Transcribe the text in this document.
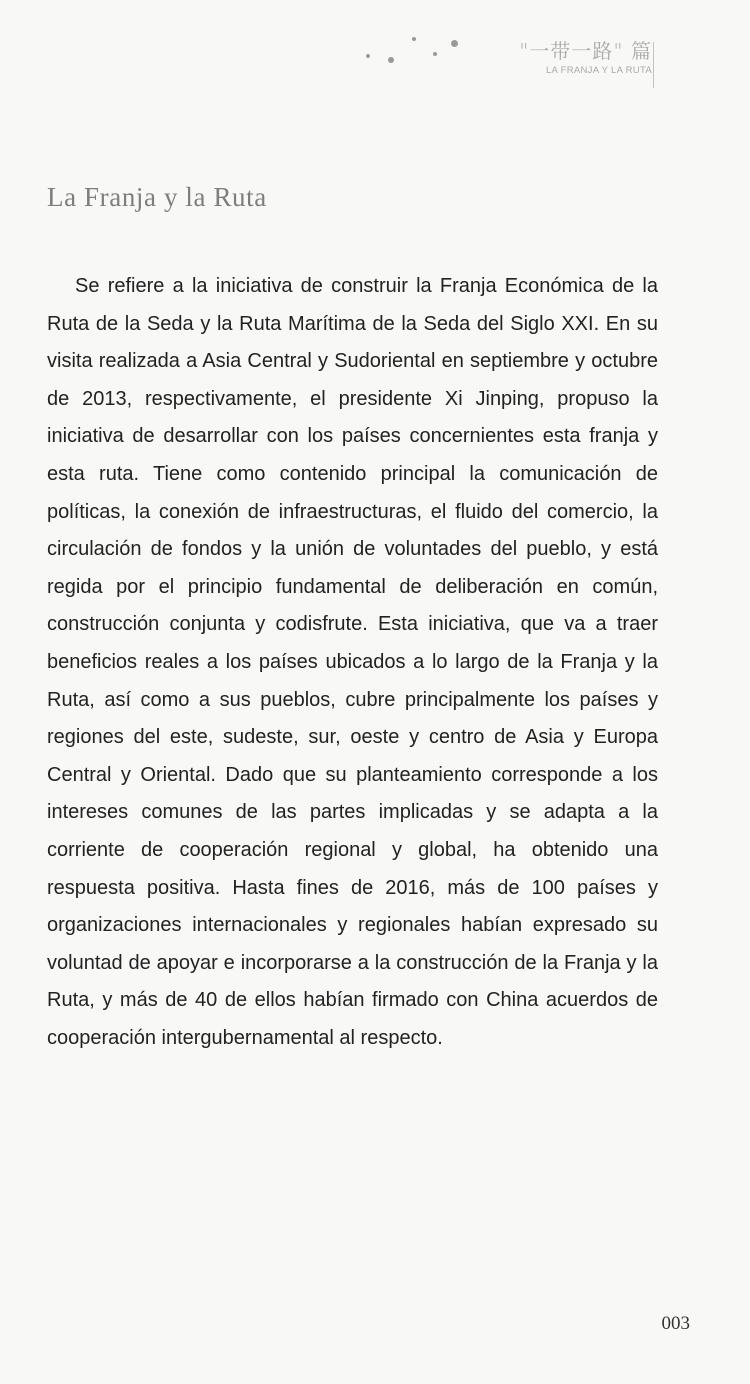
"一带一路" 篇
LA FRANJA Y LA RUTA
La Franja y la Ruta

Se refiere a la iniciativa de construir la Franja Económica de la Ruta de la Seda y la Ruta Marítima de la Seda del Siglo XXI. En su visita realizada a Asia Central y Sudoriental en septiembre y octubre de 2013, respectivamente, el presidente Xi Jinping, propuso la iniciativa de desarrollar con los países concernientes esta franja y esta ruta. Tiene como contenido principal la comunicación de políticas, la conexión de infraestructuras, el fluido del comercio, la circulación de fondos y la unión de voluntades del pueblo, y está regida por el principio fundamental de deliberación en común, construcción conjunta y codisfrute. Esta iniciativa, que va a traer beneficios reales a los países ubicados a lo largo de la Franja y la Ruta, así como a sus pueblos, cubre principalmente los países y regiones del este, sudeste, sur, oeste y centro de Asia y Europa Central y Oriental. Dado que su planteamiento corresponde a los intereses comunes de las partes implicadas y se adapta a la corriente de cooperación regional y global, ha obtenido una respuesta positiva. Hasta fines de 2016, más de 100 países y organizaciones internacionales y regionales habían expresado su voluntad de apoyar e incorporarse a la construcción de la Franja y la Ruta, y más de 40 de ellos habían firmado con China acuerdos de cooperación intergubernamental al respecto.

003
